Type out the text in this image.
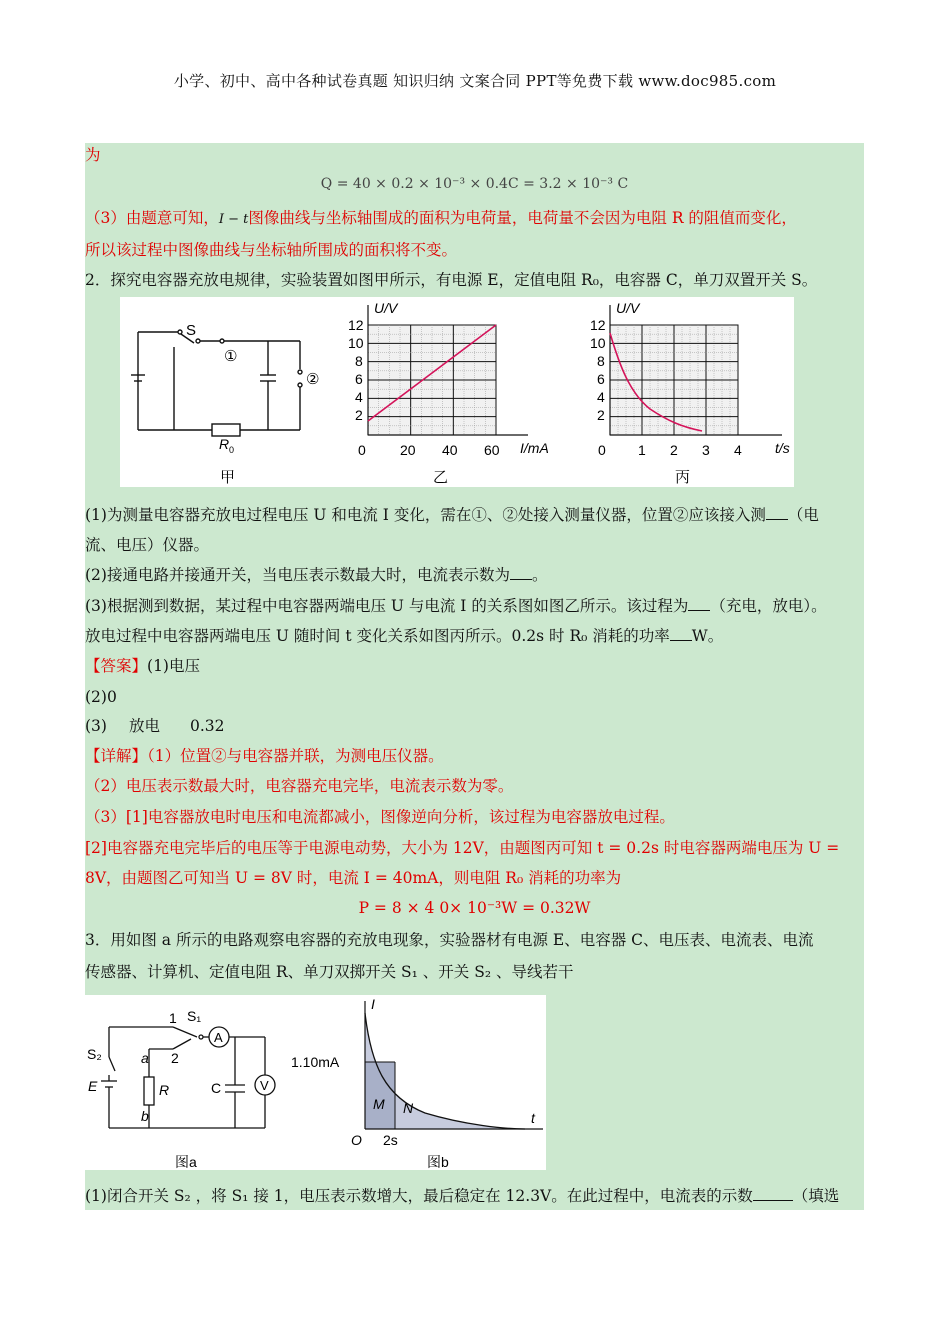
小学、初中、高中各种试卷真题 知识归纳 文案合同 PPT等免费下载 www.doc985.com
为
Q = 40 × 0.2 × 10⁻³ × 0.4C = 3.2 × 10⁻³ C
（3）由题意可知，I − t图像曲线与坐标轴围成的面积为电荷量，电荷量不会因为电阻 R 的阻值而变化，
所以该过程中图像曲线与坐标轴所围成的面积将不变。
2．探究电容器充放电规律，实验装置如图甲所示，有电源 E，定值电阻 R₀，电容器 C，单刀双置开关 S。
S
①
②
R 0
甲
U/V
I/mA
0 20 40 60
12
10
8
6
4
2
乙
U/V
t/s
0 1 2 3 4
12
10
8
6
4
2
丙
(1)为测量电容器充放电过程电压 U 和电流 I 变化，需在①、②处接入测量仪器，位置②应该接入测 （电
流、电压）仪器。
(2)接通电路并接通开关，当电压表示数最大时，电流表示数为 。
(3)根据测到数据，某过程中电容器两端电压 U 与电流 I 的关系图如图乙所示。该过程为 （充电，放电）。
放电过程中电容器两端电压 U 随时间 t 变化关系如图丙所示。0.2s 时 R₀ 消耗的功率 W。
【答案】(1)电压
(2)0
(3) 放电 0.32
【详解】（1）位置②与电容器并联，为测电压仪器。
（2）电压表示数最大时，电容器充电完毕，电流表示数为零。
（3）[1]电容器放电时电压和电流都减小，图像逆向分析，该过程为电容器放电过程。
[2]电容器充电完毕后的电压等于电源电动势，大小为 12V，由题图丙可知 t = 0.2s 时电容器两端电压为 U =
8V，由题图乙可知当 U = 8V 时，电流 I = 40mA，则电阻 R₀ 消耗的功率为
P = 8 × 4 0× 10⁻³W = 0.32W
3．用如图 a 所示的电路观察电容器的充放电现象，实验器材有电源 E、电容器 C、电压表、电流表、电流
传感器、计算机、定值电阻 R、单刀双掷开关 S₁ 、开关 S₂ 、导线若干
1
2
S₁
S₂	a
b
E	R	C
A
V
图a
I
t
O
1.10mA
2s
M N
图b
(1)闭合开关 S₂ ，将 S₁ 接 1，电压表示数增大，最后稳定在 12.3V。在此过程中，电流表的示数	（填选
